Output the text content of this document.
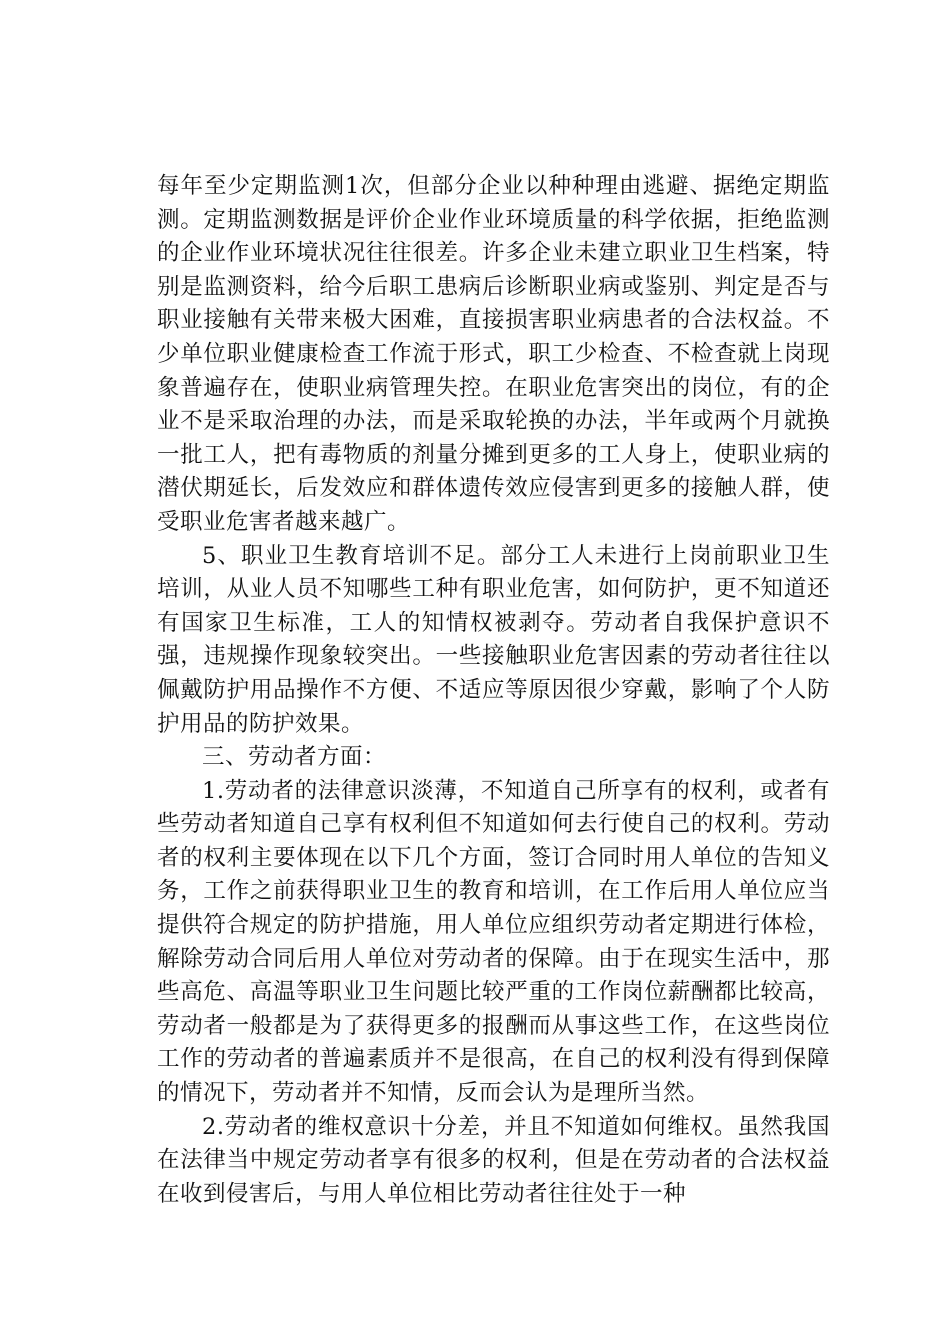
每年至少定期监测1次，但部分企业以种种理由逃避、据绝定期监测。定期监测数据是评价企业作业环境质量的科学依据，拒绝监测的企业作业环境状况往往很差。许多企业未建立职业卫生档案，特别是监测资料，给今后职工患病后诊断职业病或鉴别、判定是否与职业接触有关带来极大困难，直接损害职业病患者的合法权益。不少单位职业健康检查工作流于形式，职工少检查、不检查就上岗现象普遍存在，使职业病管理失控。在职业危害突出的岗位，有的企业不是采取治理的办法，而是采取轮换的办法，半年或两个月就换一批工人，把有毒物质的剂量分摊到更多的工人身上，使职业病的潜伏期延长，后发效应和群体遗传效应侵害到更多的接触人群，使受职业危害者越来越广。

5、职业卫生教育培训不足。部分工人未进行上岗前职业卫生培训，从业人员不知哪些工种有职业危害，如何防护，更不知道还有国家卫生标准，工人的知情权被剥夺。劳动者自我保护意识不强，违规操作现象较突出。一些接触职业危害因素的劳动者往往以佩戴防护用品操作不方便、不适应等原因很少穿戴，影响了个人防护用品的防护效果。

三、劳动者方面：

1.劳动者的法律意识淡薄，不知道自己所享有的权利，或者有些劳动者知道自己享有权利但不知道如何去行使自己的权利。劳动者的权利主要体现在以下几个方面，签订合同时用人单位的告知义务，工作之前获得职业卫生的教育和培训，在工作后用人单位应当提供符合规定的防护措施，用人单位应组织劳动者定期进行体检，解除劳动合同后用人单位对劳动者的保障。由于在现实生活中，那些高危、高温等职业卫生问题比较严重的工作岗位薪酬都比较高，劳动者一般都是为了获得更多的报酬而从事这些工作，在这些岗位工作的劳动者的普遍素质并不是很高，在自己的权利没有得到保障的情况下，劳动者并不知情，反而会认为是理所当然。

2.劳动者的维权意识十分差，并且不知道如何维权。虽然我国在法律当中规定劳动者享有很多的权利，但是在劳动者的合法权益在收到侵害后，与用人单位相比劳动者往往处于一种
